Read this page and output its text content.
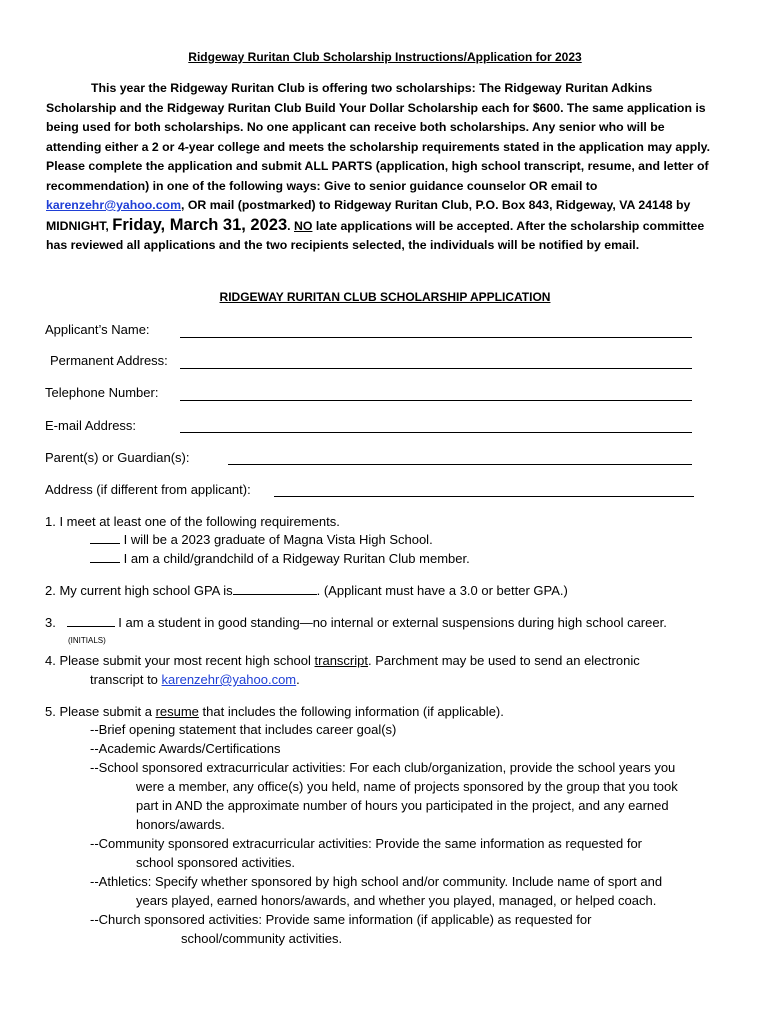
Ridgeway Ruritan Club Scholarship Instructions/Application for 2023
This year the Ridgeway Ruritan Club is offering two scholarships: The Ridgeway Ruritan Adkins Scholarship and the Ridgeway Ruritan Club Build Your Dollar Scholarship each for $600. The same application is being used for both scholarships. No one applicant can receive both scholarships. Any senior who will be attending either a 2 or 4-year college and meets the scholarship requirements stated in the application may apply. Please complete the application and submit ALL PARTS (application, high school transcript, resume, and letter of recommendation) in one of the following ways: Give to senior guidance counselor OR email to karenzehr@yahoo.com, OR mail (postmarked) to Ridgeway Ruritan Club, P.O. Box 843, Ridgeway, VA 24148 by MIDNIGHT, Friday, March 31, 2023. NO late applications will be accepted. After the scholarship committee has reviewed all applications and the two recipients selected, the individuals will be notified by email.
RIDGEWAY RURITAN CLUB SCHOLARSHIP APPLICATION
Applicant’s Name:
Permanent Address:
Telephone Number:
E-mail Address:
Parent(s) or Guardian(s):
Address (if different from applicant):
1. I meet at least one of the following requirements.
I will be a 2023 graduate of Magna Vista High School.
I am a child/grandchild of a Ridgeway Ruritan Club member.
2. My current high school GPA is	. (Applicant must have a 3.0 or better GPA.)
3.	I am a student in good standing—no internal or external suspensions during high school career.
(INITIALS)
4. Please submit your most recent high school transcript. Parchment may be used to send an electronic
transcript to karenzehr@yahoo.com.
5. Please submit a resume that includes the following information (if applicable).
--Brief opening statement that includes career goal(s)
--Academic Awards/Certifications
--School sponsored extracurricular activities: For each club/organization, provide the school years you
were a member, any office(s) you held, name of projects sponsored by the group that you took
part in AND the approximate number of hours you participated in the project, and any earned
honors/awards.
--Community sponsored extracurricular activities: Provide the same information as requested for
school sponsored activities.
--Athletics: Specify whether sponsored by high school and/or community. Include name of sport and
years played, earned honors/awards, and whether you played, managed, or helped coach.
--Church sponsored activities: Provide same information (if applicable) as requested for
school/community activities.
